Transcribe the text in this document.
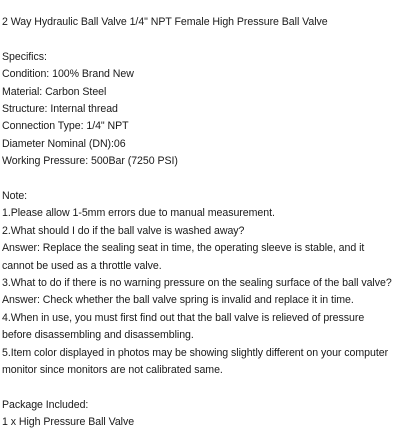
2 Way Hydraulic Ball Valve 1/4" NPT Female High Pressure Ball Valve
Specifics:
Condition: 100% Brand New
Material: Carbon Steel
Structure: Internal thread
Connection Type: 1/4" NPT
Diameter Nominal (DN):06
Working Pressure: 500Bar (7250 PSI)
Note:
1.Please allow 1-5mm errors due to manual measurement.
2.What should I do if the ball valve is washed away?
Answer: Replace the sealing seat in time, the operating sleeve is stable, and it
cannot be used as a throttle valve.
3.What to do if there is no warning pressure on the sealing surface of the ball valve?
Answer: Check whether the ball valve spring is invalid and replace it in time.
4.When in use, you must first find out that the ball valve is relieved of pressure
before disassembling and disassembling.
5.Item color displayed in photos may be showing slightly different on your computer
monitor since monitors are not calibrated same.
Package Included:
1 x High Pressure Ball Valve
